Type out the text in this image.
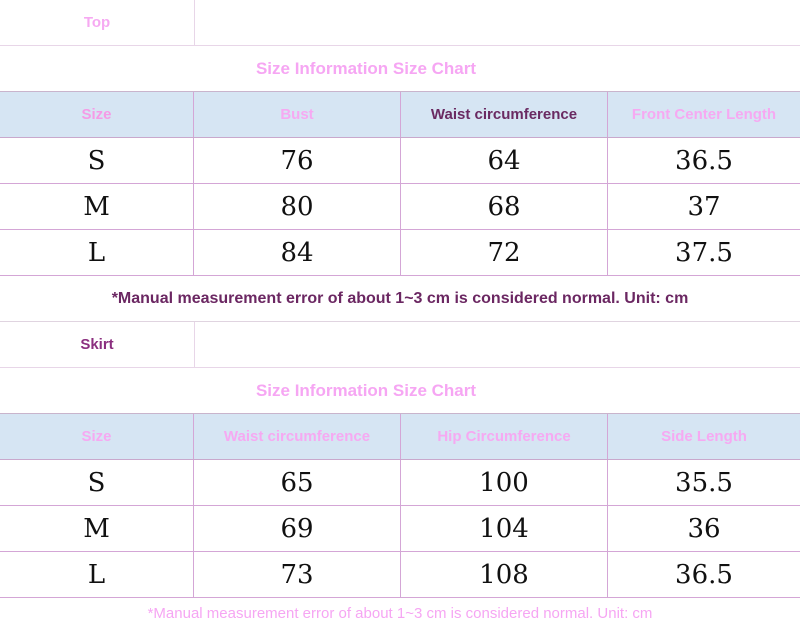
Top
Size Information Size Chart
Size	Bust	Waist circumference	Front Center Length
S	76	64	36.5
M	80	68	37
L	84	72	37.5
*Manual measurement error of about 1~3 cm is considered normal. Unit: cm
Skirt
Size Information Size Chart
Size	Waist circumference	Hip Circumference	Side Length
S	65	100	35.5
M	69	104	36
L	73	108	36.5
*Manual measurement error of about 1~3 cm is considered normal. Unit: cm
